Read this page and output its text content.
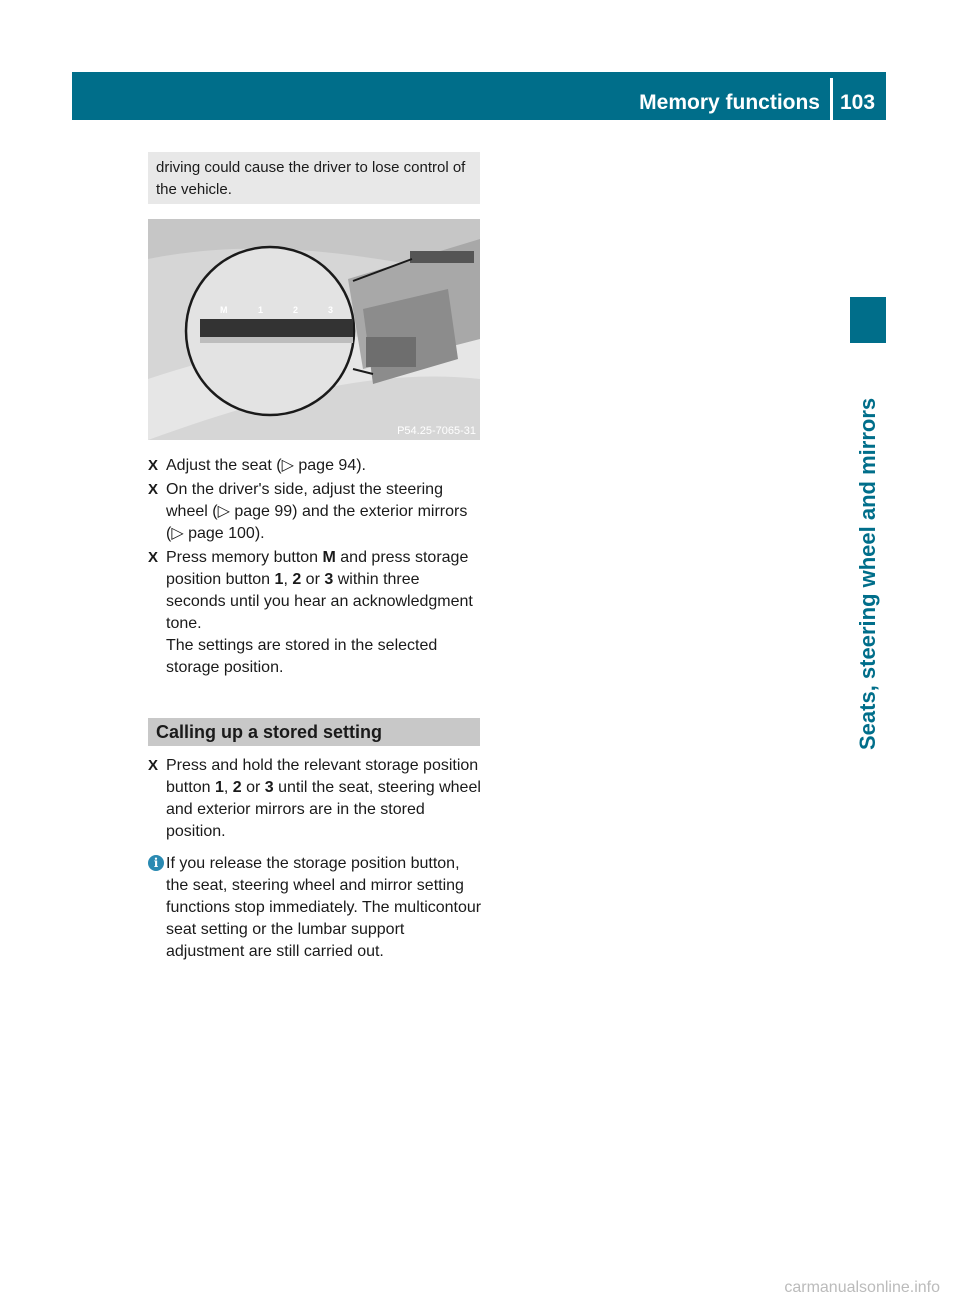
Memory functions 103
Seats, steering wheel and mirrors
driving could cause the driver to lose control of the vehicle.
M	1	2	3
P54.25-7065-31

X Adjust the seat (▷ page 94).

X On the driver's side, adjust the steering wheel (▷ page 99) and the exterior mirrors (▷ page 100).

X Press memory button M and press storage position button 1, 2 or 3 within three seconds until you hear an acknowledgment tone.
The settings are stored in the selected storage position.

Calling up a stored setting

X Press and hold the relevant storage position button 1, 2 or 3 until the seat, steering wheel and exterior mirrors are in the stored position.

i If you release the storage position button, the seat, steering wheel and mirror setting functions stop immediately. The multicontour seat setting or the lumbar support adjustment are still carried out.

carmanualsonline.info
